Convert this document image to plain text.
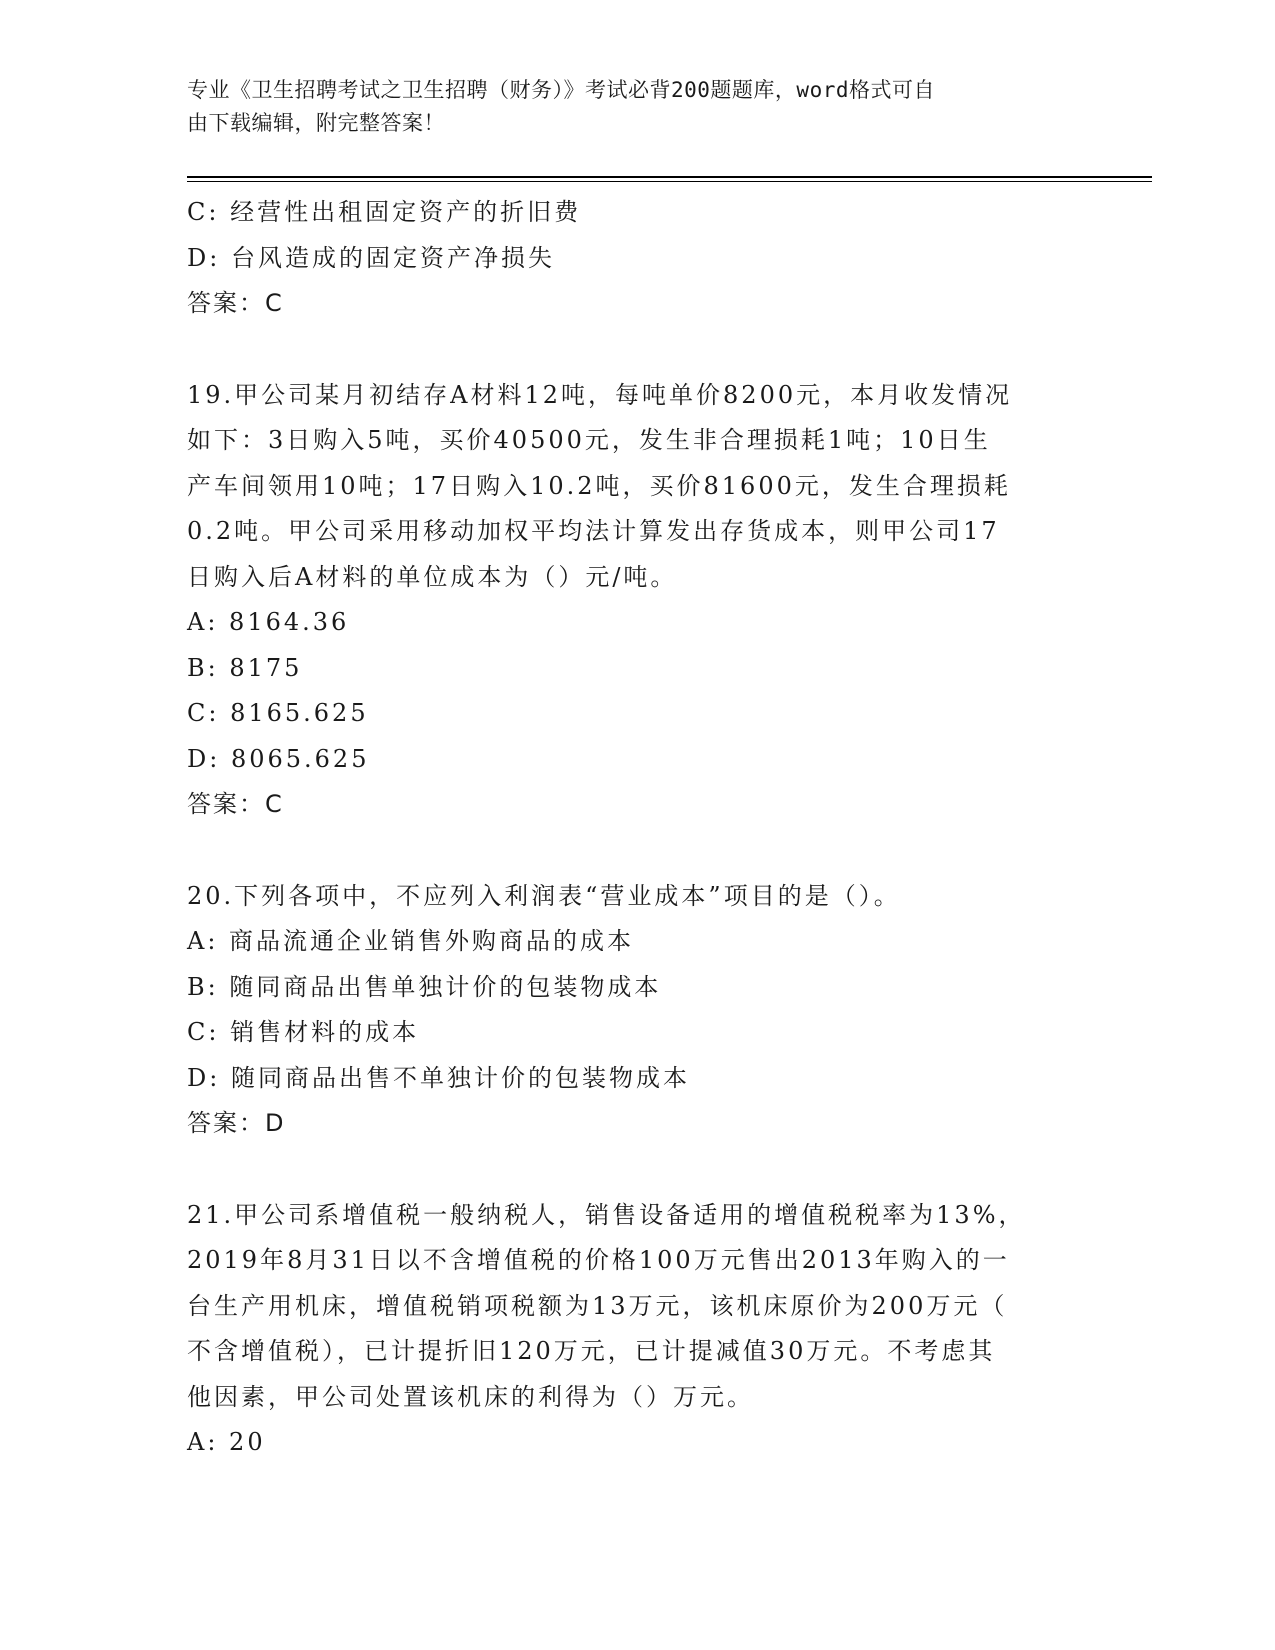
专业《卫生招聘考试之卫生招聘（财务）》考试必背200题题库，word格式可自
由下载编辑，附完整答案！
C: 经营性出租固定资产的折旧费
D: 台风造成的固定资产净损失
答案：C
19.甲公司某月初结存A材料12吨，每吨单价8200元，本月收发情况
如下：3日购入5吨，买价40500元，发生非合理损耗1吨；10日生
产车间领用10吨；17日购入10.2吨，买价81600元，发生合理损耗
0.2吨。甲公司采用移动加权平均法计算发出存货成本，则甲公司17
日购入后A材料的单位成本为（）元/吨。
A: 8164.36
B: 8175
C: 8165.625
D: 8065.625
答案：C
20.下列各项中，不应列入利润表“营业成本”项目的是（）。
A: 商品流通企业销售外购商品的成本
B: 随同商品出售单独计价的包装物成本
C: 销售材料的成本
D: 随同商品出售不单独计价的包装物成本
答案：D
21.甲公司系增值税一般纳税人，销售设备适用的增值税税率为13%，
2019年8月31日以不含增值税的价格100万元售出2013年购入的一
台生产用机床，增值税销项税额为13万元，该机床原价为200万元（
不含增值税），已计提折旧120万元，已计提减值30万元。不考虑其
他因素，甲公司处置该机床的利得为（）万元。
A: 20
